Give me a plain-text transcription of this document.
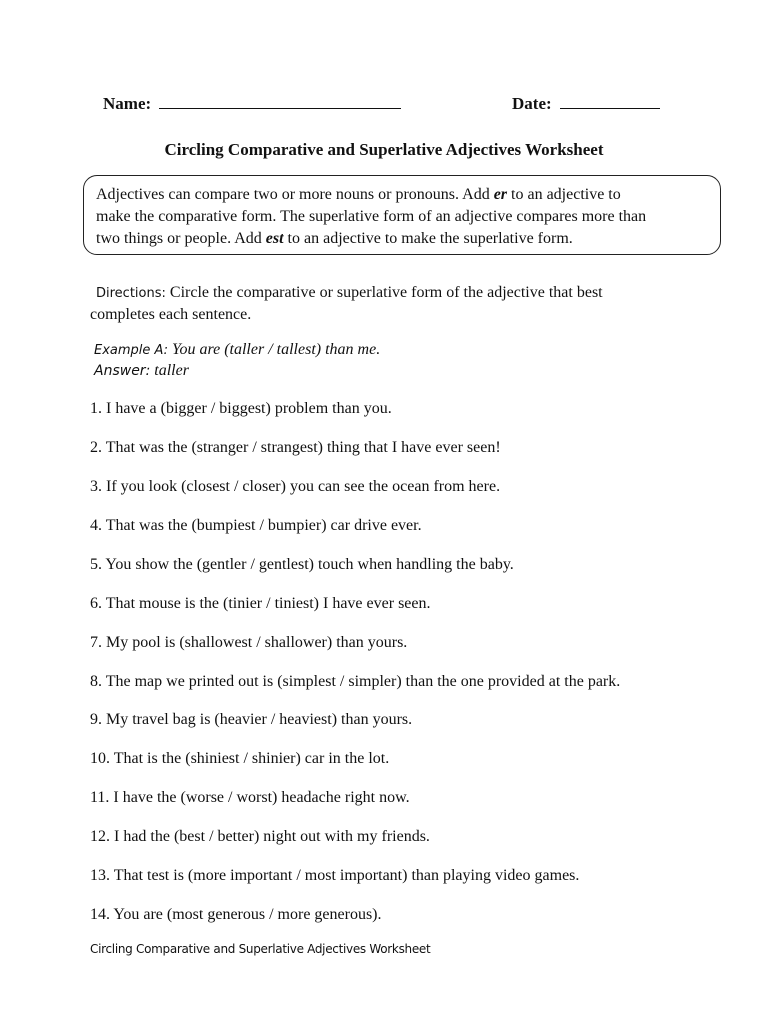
Name:	Date:
Circling Comparative and Superlative Adjectives Worksheet
Adjectives can compare two or more nouns or pronouns. Add er to an adjective to
make the comparative form. The superlative form of an adjective compares more than
two things or people. Add est to an adjective to make the superlative form.
Directions: Circle the comparative or superlative form of the adjective that best
completes each sentence.
Example A: You are (taller / tallest) than me.
Answer: taller
1. I have a (bigger / biggest) problem than you.
2. That was the (stranger / strangest) thing that I have ever seen!
3. If you look (closest / closer) you can see the ocean from here.
4. That was the (bumpiest / bumpier) car drive ever.
5. You show the (gentler / gentlest) touch when handling the baby.
6. That mouse is the (tinier / tiniest) I have ever seen.
7. My pool is (shallowest / shallower) than yours.
8. The map we printed out is (simplest / simpler) than the one provided at the park.
9. My travel bag is (heavier / heaviest) than yours.
10. That is the (shiniest / shinier) car in the lot.
11. I have the (worse / worst) headache right now.
12. I had the (best / better) night out with my friends.
13. That test is (more important / most important) than playing video games.
14. You are (most generous / more generous).
Circling Comparative and Superlative Adjectives Worksheet
